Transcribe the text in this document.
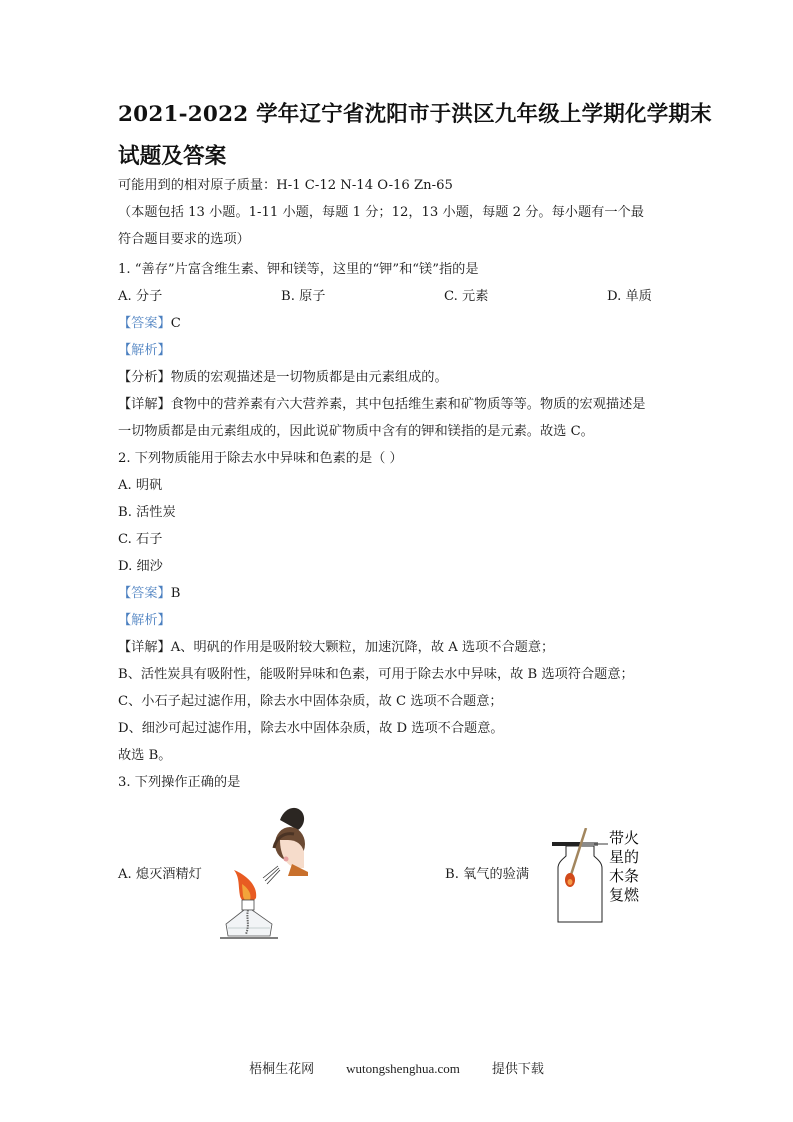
2021-2022 学年辽宁省沈阳市于洪区九年级上学期化学期末
试题及答案
可能用到的相对原子质量：H-1 C-12 N-14 O-16 Zn-65
（本题包括 13 小题。1-11 小题，每题 1 分；12，13 小题，每题 2 分。每小题有一个最
符合题目要求的选项）
1. “善存”片富含维生素、钾和镁等，这里的“钾”和“镁”指的是
A. 分子	B. 原子	C. 元素	D. 单质
【答案】C
【解析】
【分析】物质的宏观描述是一切物质都是由元素组成的。
【详解】食物中的营养素有六大营养素，其中包括维生素和矿物质等等。物质的宏观描述是
一切物质都是由元素组成的，因此说矿物质中含有的钾和镁指的是元素。故选 C。
2. 下列物质能用于除去水中异味和色素的是（ ）
A. 明矾
B. 活性炭
C. 石子
D. 细沙
【答案】B
【解析】
【详解】A、明矾的作用是吸附较大颗粒，加速沉降，故 A 选项不合题意；
B、活性炭具有吸附性，能吸附异味和色素，可用于除去水中异味，故 B 选项符合题意；
C、小石子起过滤作用，除去水中固体杂质，故 C 选项不合题意；
D、细沙可起过滤作用，除去水中固体杂质，故 D 选项不合题意。
故选 B。
3. 下列操作正确的是
A. 熄灭酒精灯	B. 氧气的验满
带火
星的
木条
复燃
梧桐生花网 wutongshenghua.com 提供下载
